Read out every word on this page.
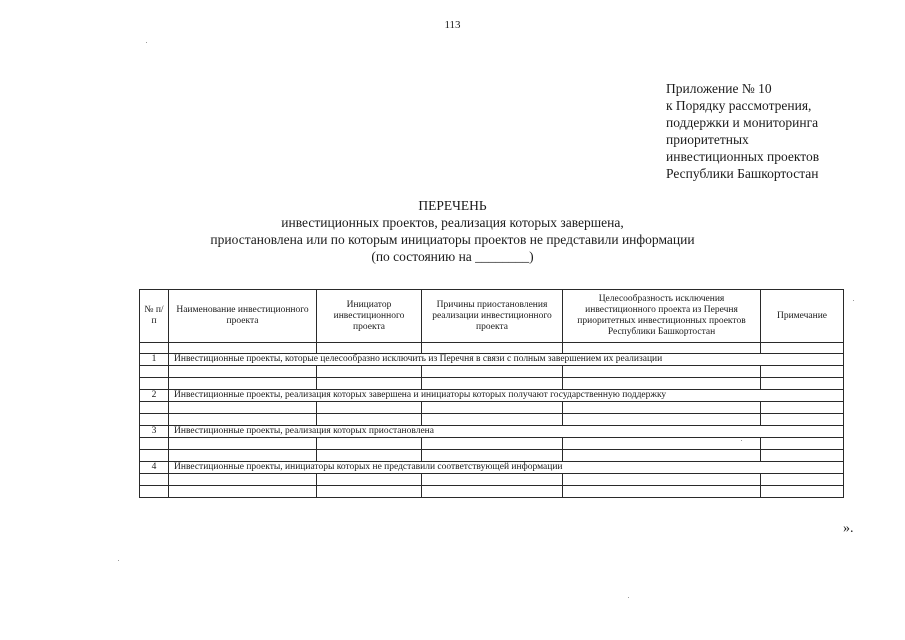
113
Приложение № 10
к Порядку рассмотрения,
поддержки и мониторинга
приоритетных
инвестиционных проектов
Республики Башкортостан
ПЕРЕЧЕНЬ
инвестиционных проектов, реализация которых завершена,
приостановлена или по которым инициаторы проектов не представили информации
(по состоянию на ________)
№ п/п	Наименование инвестиционного проекта	Инициатор инвестиционного проекта	Причины приостановления реализации инвестиционного проекта	Целесообразность исключения инвестиционного проекта из Перечня приоритетных инвестиционных проектов Республики Башкортостан	Примечание

1	Инвестиционные проекты, которые целесообразно исключить из Перечня в связи с полным завершением их реализации				

2	Инвестиционные проекты, реализация которых завершена и инициаторы которых получают государственную поддержку				

3	Инвестиционные проекты, реализация которых приостановлена				

4	Инвестиционные проекты, инициаторы которых не представили соответствующей информации				

».
